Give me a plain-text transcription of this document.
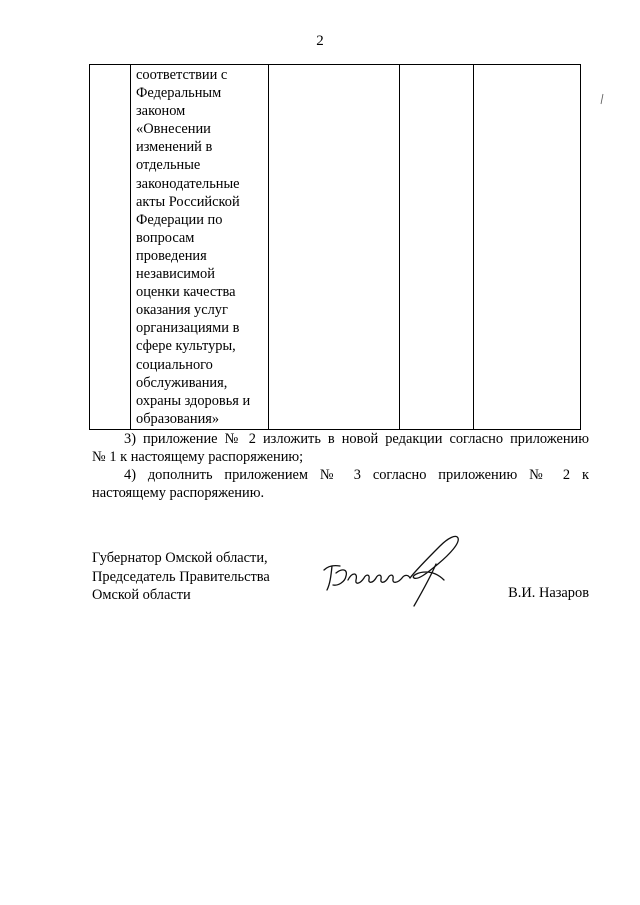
2

соответствии с
Федеральным
законом
«Овнесении
изменений в
отдельные
законодательные
акты Российской
Федерации по
вопросам
проведения
независимой
оценки качества
оказания услуг
организациями в
сфере культуры,
социального
обслуживания,
охраны здоровья и
образования»

3) приложение № 2 изложить в новой редакции согласно приложению
№ 1 к настоящему распоряжению;
4) дополнить приложением № 3 согласно приложению № 2 к
настоящему распоряжению.
Губернатор Омской области,
Председатель Правительства
Омской области	В.И. Назаров
